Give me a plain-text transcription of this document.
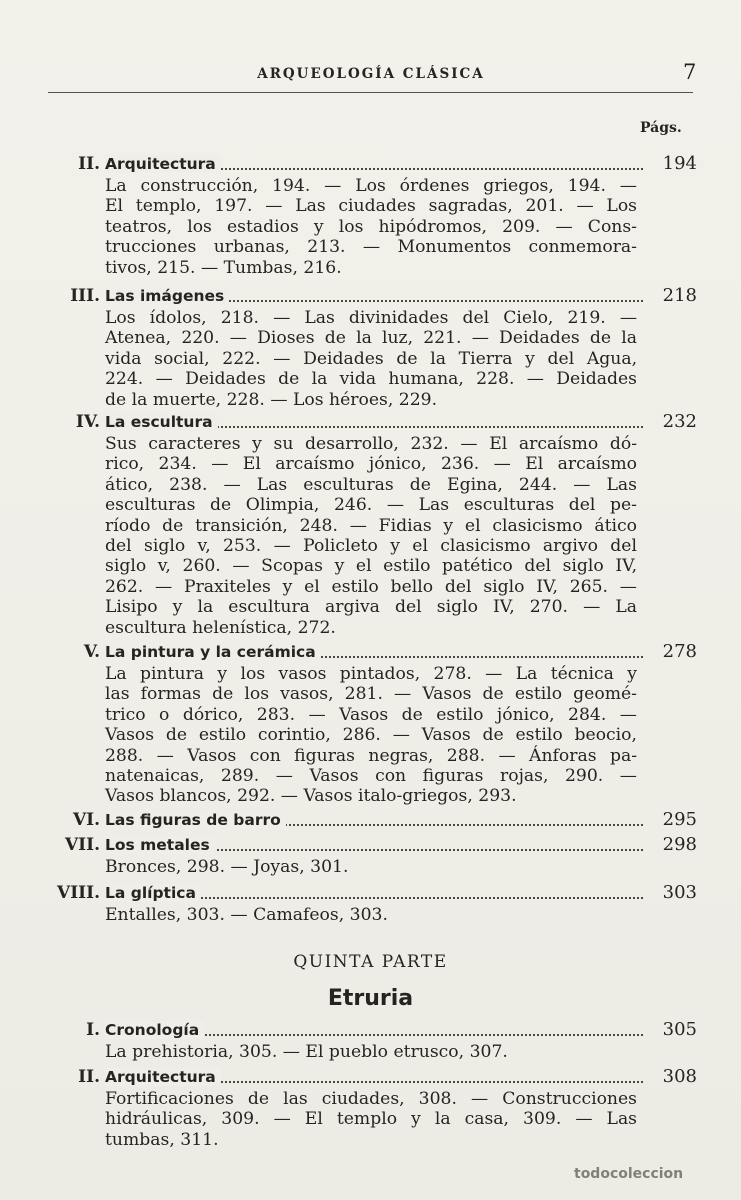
ARQUEOLOGÍA CLÁSICA	7
Págs.
II. Arquitectura	194
La construcción, 194. — Los órdenes griegos, 194. —
El templo, 197. — Las ciudades sagradas, 201. — Los
teatros, los estadios y los hipódromos, 209. — Cons-
trucciones urbanas, 213. — Monumentos conmemora-
tivos, 215. — Tumbas, 216.
III. Las imágenes	218
Los ídolos, 218. — Las divinidades del Cielo, 219. —
Atenea, 220. — Dioses de la luz, 221. — Deidades de la
vida social, 222. — Deidades de la Tierra y del Agua,
224. — Deidades de la vida humana, 228. — Deidades
de la muerte, 228. — Los héroes, 229.
IV. La escultura	232
Sus caracteres y su desarrollo, 232. — El arcaísmo dó-
rico, 234. — El arcaísmo jónico, 236. — El arcaísmo
ático, 238. — Las esculturas de Egina, 244. — Las
esculturas de Olimpia, 246. — Las esculturas del pe-
ríodo de transición, 248. — Fidias y el clasicismo ático
del siglo v, 253. — Policleto y el clasicismo argivo del
siglo v, 260. — Scopas y el estilo patético del siglo IV,
262. — Praxiteles y el estilo bello del siglo IV, 265. —
Lisipo y la escultura argiva del siglo IV, 270. — La
escultura helenística, 272.
V. La pintura y la cerámica	278
La pintura y los vasos pintados, 278. — La técnica y
las formas de los vasos, 281. — Vasos de estilo geomé-
trico o dórico, 283. — Vasos de estilo jónico, 284. —
Vasos de estilo corintio, 286. — Vasos de estilo beocio,
288. — Vasos con figuras negras, 288. — Ánforas pa-
natenaicas, 289. — Vasos con figuras rojas, 290. —
Vasos blancos, 292. — Vasos italo-griegos, 293.
VI. Las figuras de barro	295
VII. Los metales	298
Bronces, 298. — Joyas, 301.
VIII. La glíptica	303
Entalles, 303. — Camafeos, 303.
I. Cronología	305
La prehistoria, 305. — El pueblo etrusco, 307.
II. Arquitectura	308
Fortificaciones de las ciudades, 308. — Construcciones
hidráulicas, 309. — El templo y la casa, 309. — Las
tumbas, 311.
QUINTA PARTE
Etruria
todocoleccion
